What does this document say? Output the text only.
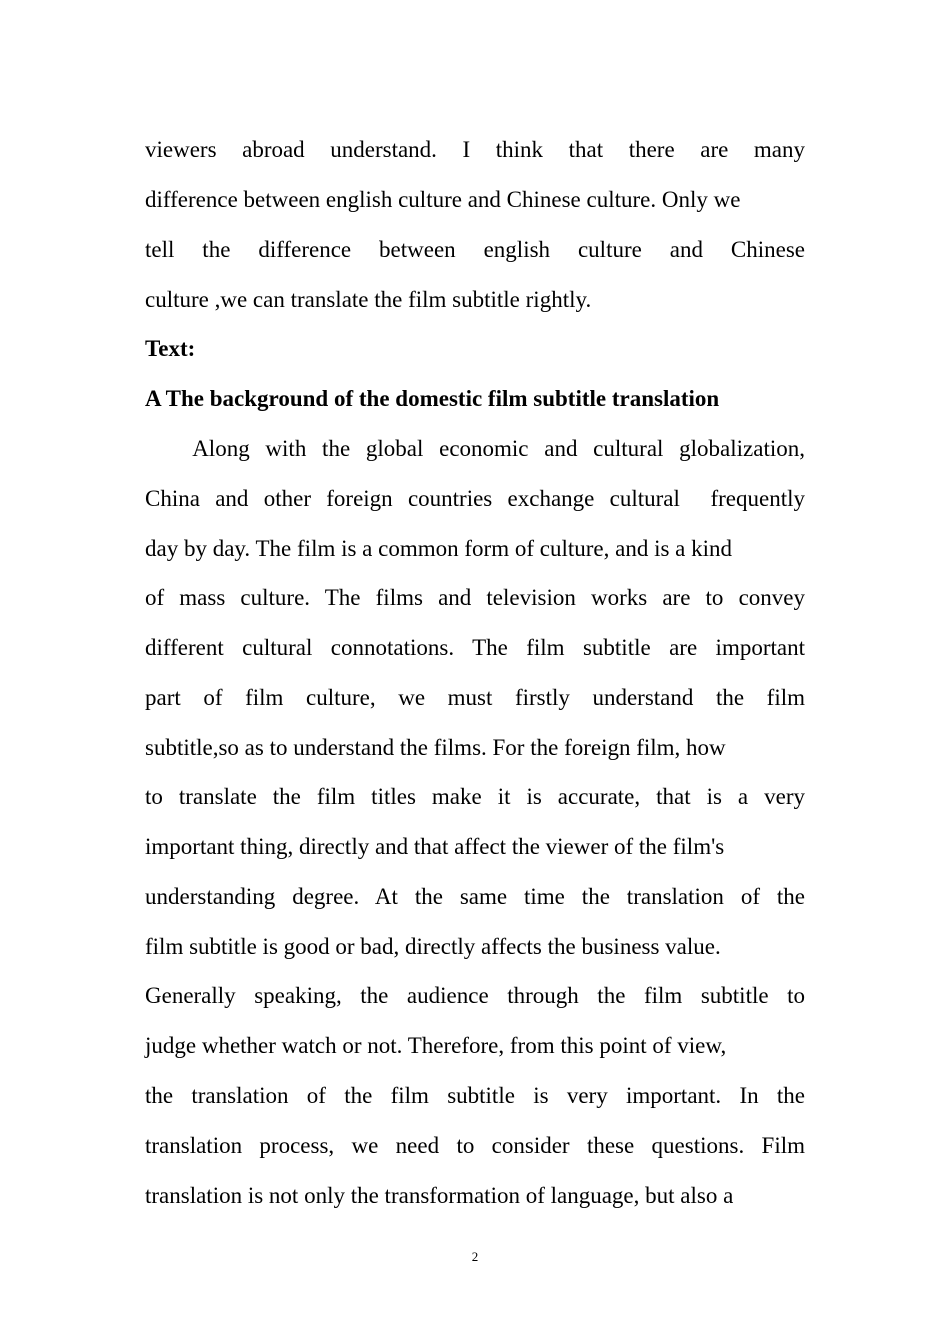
viewers abroad understand. I think that there are many
difference between english culture and Chinese culture. Only we
tell the difference between english culture and Chinese
culture ,we can translate the film subtitle rightly.
Text:
A The background of the domestic film subtitle translation
Along with the global economic and cultural globalization,
China and other foreign countries exchange cultural  frequently
day by day. The film is a common form of culture, and is a kind
of mass culture. The films and television works are to convey
different cultural connotations. The film subtitle are important
part of film culture, we must firstly understand the film
subtitle,so as to understand the films. For the foreign film, how
to translate the film titles make it is accurate, that is a very
important thing, directly and that affect the viewer of the film's
understanding degree. At the same time the translation of the
film subtitle is good or bad, directly affects the business value.
Generally speaking, the audience through the film subtitle to
judge whether watch or not. Therefore, from this point of view,
the translation of the film subtitle is very important. In the
translation process, we need to consider these questions. Film
translation is not only the transformation of language, but also a
2
